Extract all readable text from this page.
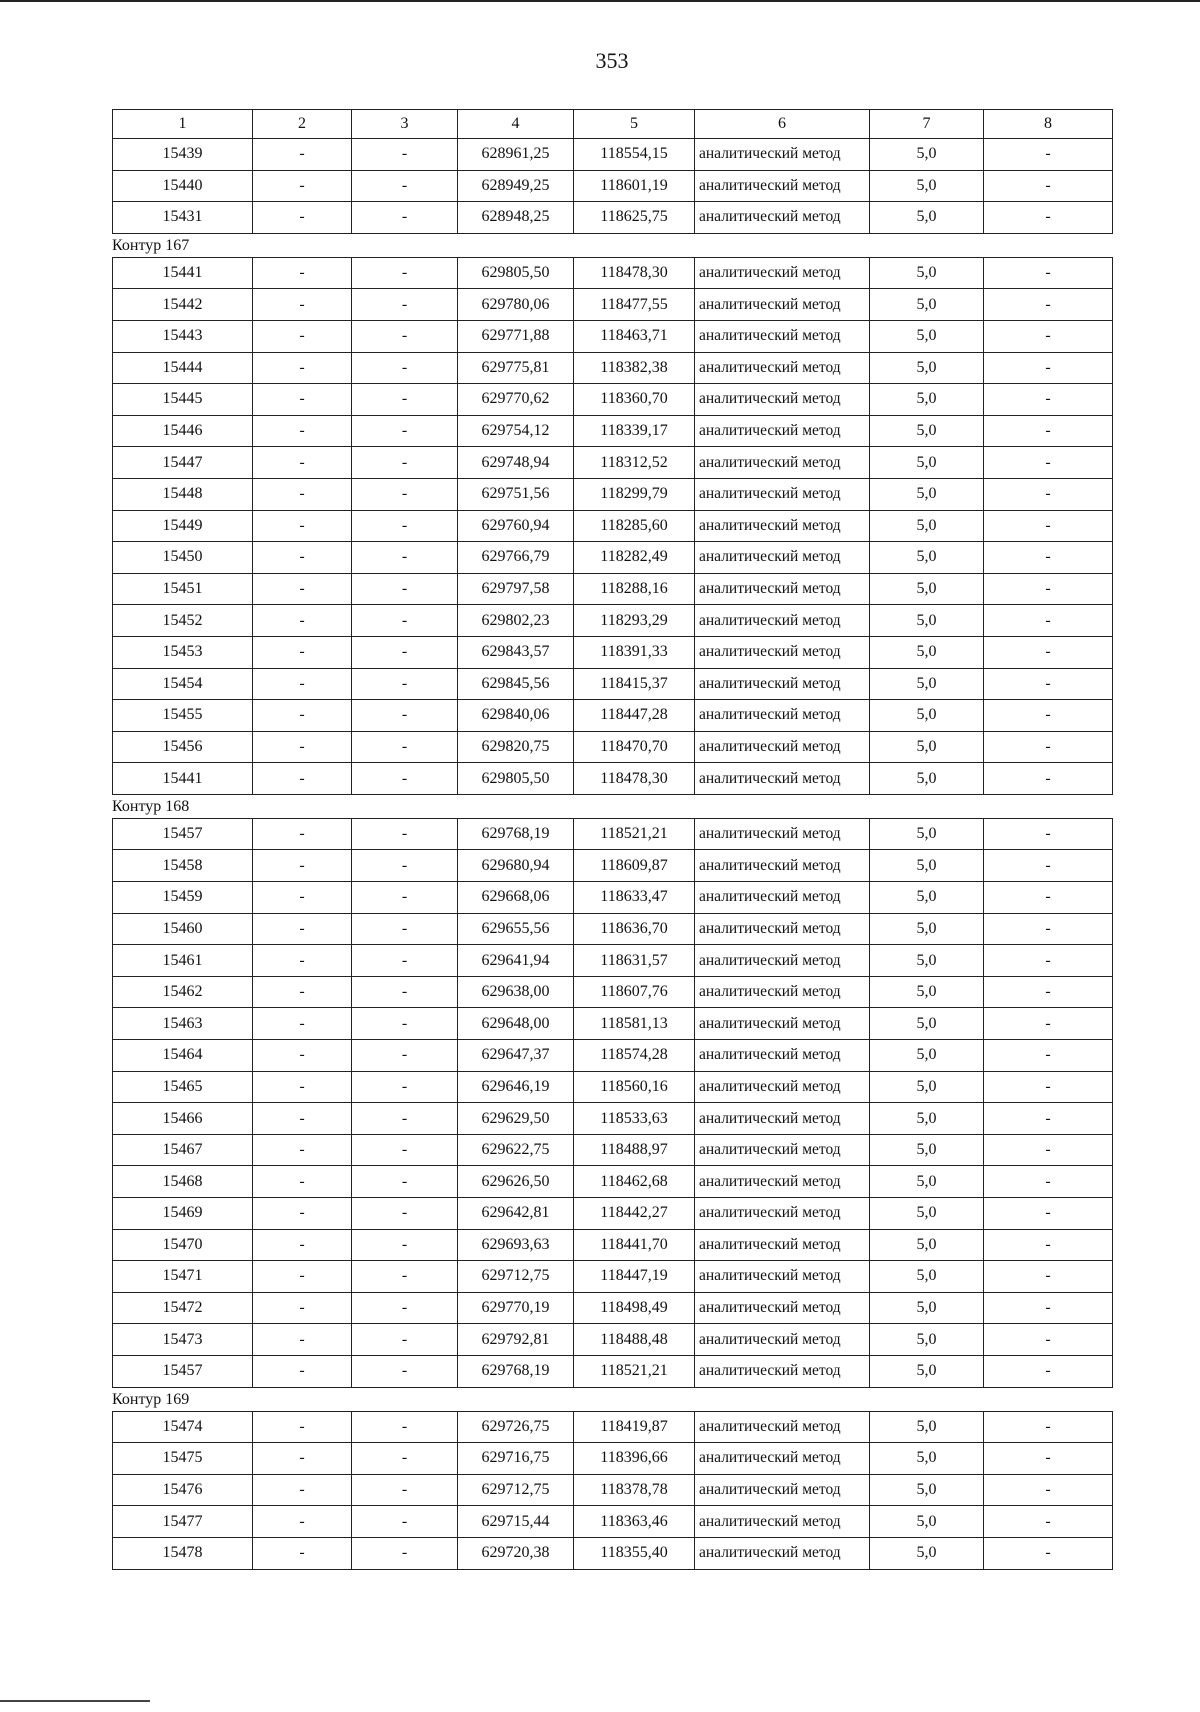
353
1	2	3	4	5	6	7	8
15439	-	-	628961,25	118554,15	аналитический метод	5,0	-
15440	-	-	628949,25	118601,19	аналитический метод	5,0	-
15431	-	-	628948,25	118625,75	аналитический метод	5,0	-
Контур 167
15441	-	-	629805,50	118478,30	аналитический метод	5,0	-
15442	-	-	629780,06	118477,55	аналитический метод	5,0	-
15443	-	-	629771,88	118463,71	аналитический метод	5,0	-
15444	-	-	629775,81	118382,38	аналитический метод	5,0	-
15445	-	-	629770,62	118360,70	аналитический метод	5,0	-
15446	-	-	629754,12	118339,17	аналитический метод	5,0	-
15447	-	-	629748,94	118312,52	аналитический метод	5,0	-
15448	-	-	629751,56	118299,79	аналитический метод	5,0	-
15449	-	-	629760,94	118285,60	аналитический метод	5,0	-
15450	-	-	629766,79	118282,49	аналитический метод	5,0	-
15451	-	-	629797,58	118288,16	аналитический метод	5,0	-
15452	-	-	629802,23	118293,29	аналитический метод	5,0	-
15453	-	-	629843,57	118391,33	аналитический метод	5,0	-
15454	-	-	629845,56	118415,37	аналитический метод	5,0	-
15455	-	-	629840,06	118447,28	аналитический метод	5,0	-
15456	-	-	629820,75	118470,70	аналитический метод	5,0	-
15441	-	-	629805,50	118478,30	аналитический метод	5,0	-
Контур 168
15457	-	-	629768,19	118521,21	аналитический метод	5,0	-
15458	-	-	629680,94	118609,87	аналитический метод	5,0	-
15459	-	-	629668,06	118633,47	аналитический метод	5,0	-
15460	-	-	629655,56	118636,70	аналитический метод	5,0	-
15461	-	-	629641,94	118631,57	аналитический метод	5,0	-
15462	-	-	629638,00	118607,76	аналитический метод	5,0	-
15463	-	-	629648,00	118581,13	аналитический метод	5,0	-
15464	-	-	629647,37	118574,28	аналитический метод	5,0	-
15465	-	-	629646,19	118560,16	аналитический метод	5,0	-
15466	-	-	629629,50	118533,63	аналитический метод	5,0	-
15467	-	-	629622,75	118488,97	аналитический метод	5,0	-
15468	-	-	629626,50	118462,68	аналитический метод	5,0	-
15469	-	-	629642,81	118442,27	аналитический метод	5,0	-
15470	-	-	629693,63	118441,70	аналитический метод	5,0	-
15471	-	-	629712,75	118447,19	аналитический метод	5,0	-
15472	-	-	629770,19	118498,49	аналитический метод	5,0	-
15473	-	-	629792,81	118488,48	аналитический метод	5,0	-
15457	-	-	629768,19	118521,21	аналитический метод	5,0	-
Контур 169
15474	-	-	629726,75	118419,87	аналитический метод	5,0	-
15475	-	-	629716,75	118396,66	аналитический метод	5,0	-
15476	-	-	629712,75	118378,78	аналитический метод	5,0	-
15477	-	-	629715,44	118363,46	аналитический метод	5,0	-
15478	-	-	629720,38	118355,40	аналитический метод	5,0	-
